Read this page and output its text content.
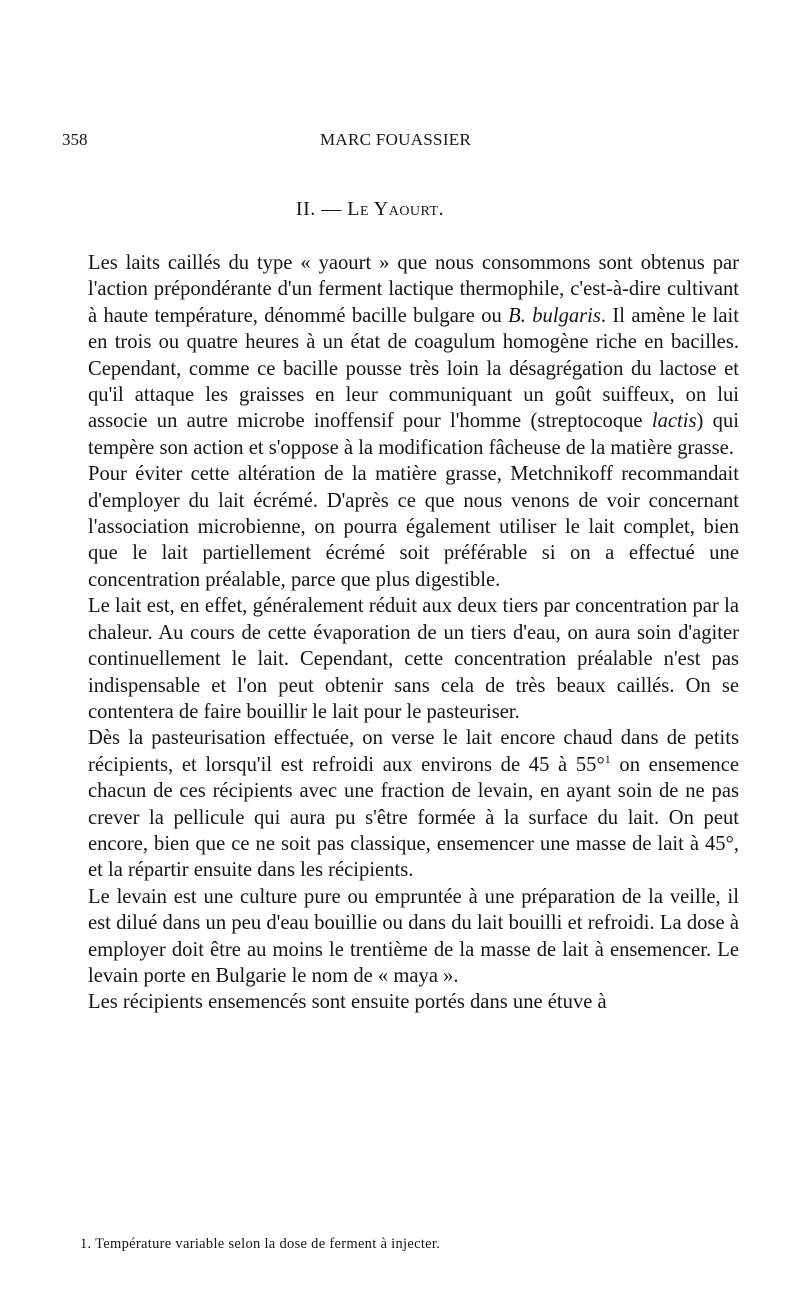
358	MARC FOUASSIER
II. — Le Yaourt.

Les laits caillés du type « yaourt » que nous consommons sont obtenus par l'action prépondérante d'un ferment lactique thermophile, c'est-à-dire cultivant à haute température, dénommé bacille bulgare ou B. bulgaris. Il amène le lait en trois ou quatre heures à un état de coagulum homogène riche en bacilles. Cependant, comme ce bacille pousse très loin la désagrégation du lactose et qu'il attaque les graisses en leur communiquant un goût suiffeux, on lui associe un autre microbe inoffensif pour l'homme (streptocoque lactis) qui tempère son action et s'oppose à la modification fâcheuse de la matière grasse.

Pour éviter cette altération de la matière grasse, Metchnikoff recommandait d'employer du lait écrémé. D'après ce que nous venons de voir concernant l'association microbienne, on pourra également utiliser le lait complet, bien que le lait partiellement écrémé soit préférable si on a effectué une concentration préalable, parce que plus digestible.

Le lait est, en effet, généralement réduit aux deux tiers par concentration par la chaleur. Au cours de cette évaporation de un tiers d'eau, on aura soin d'agiter continuellement le lait. Cependant, cette concentration préalable n'est pas indispensable et l'on peut obtenir sans cela de très beaux caillés. On se contentera de faire bouillir le lait pour le pasteuriser.

Dès la pasteurisation effectuée, on verse le lait encore chaud dans de petits récipients, et lorsqu'il est refroidi aux environs de 45 à 55°$^1$ on ensemence chacun de ces récipients avec une fraction de levain, en ayant soin de ne pas crever la pellicule qui aura pu s'être formée à la surface du lait. On peut encore, bien que ce ne soit pas classique, ensemencer une masse de lait à 45°, et la répartir ensuite dans les récipients.

Le levain est une culture pure ou empruntée à une préparation de la veille, il est dilué dans un peu d'eau bouillie ou dans du lait bouilli et refroidi. La dose à employer doit être au moins le trentième de la masse de lait à ensemencer. Le levain porte en Bulgarie le nom de « maya ».

Les récipients ensemencés sont ensuite portés dans une étuve à

1. Température variable selon la dose de ferment à injecter.
